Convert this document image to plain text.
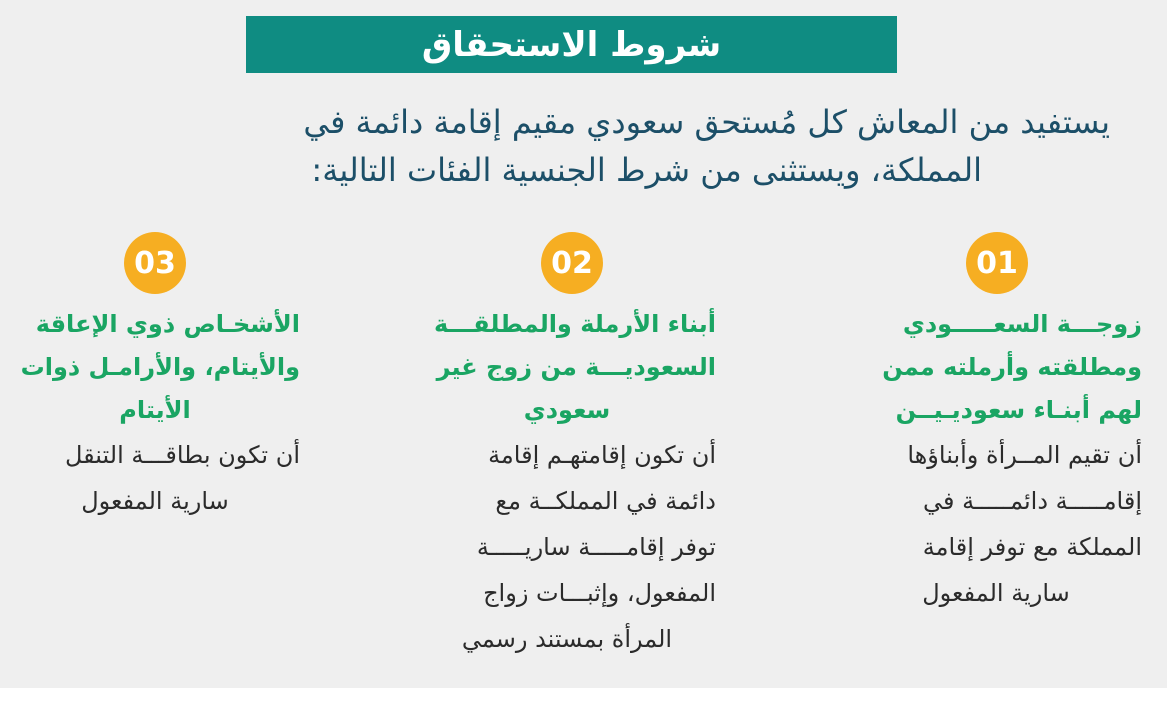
شروط الاستحقاق
يستفيد من المعاش كل مُستحق سعودي مقيم إقامة دائمة في
المملكة، ويستثنى من شرط الجنسية الفئات التالية:
01
زوجـــة السعـــــودي
ومطلقته وأرملته ممن
لهم أبنـاء سعوديـيــن
أن تقيم المــرأة وأبناؤها
إقامـــــة دائمـــــة في
المملكة مع توفر إقامة
سارية المفعول
02
أبناء الأرملة والمطلقـــة
السعوديـــة من زوج غير
سعودي
أن تكون إقامتهـم إقامة
دائمة في المملكــة مع
توفر إقامـــــة ساريـــــة
المفعول، وإثبـــات زواج
المرأة بمستند رسمي
03
الأشخـاص ذوي الإعاقة
والأيتام، والأرامـل ذوات
الأيتام
أن تكون بطاقـــة التنقل
سارية المفعول
